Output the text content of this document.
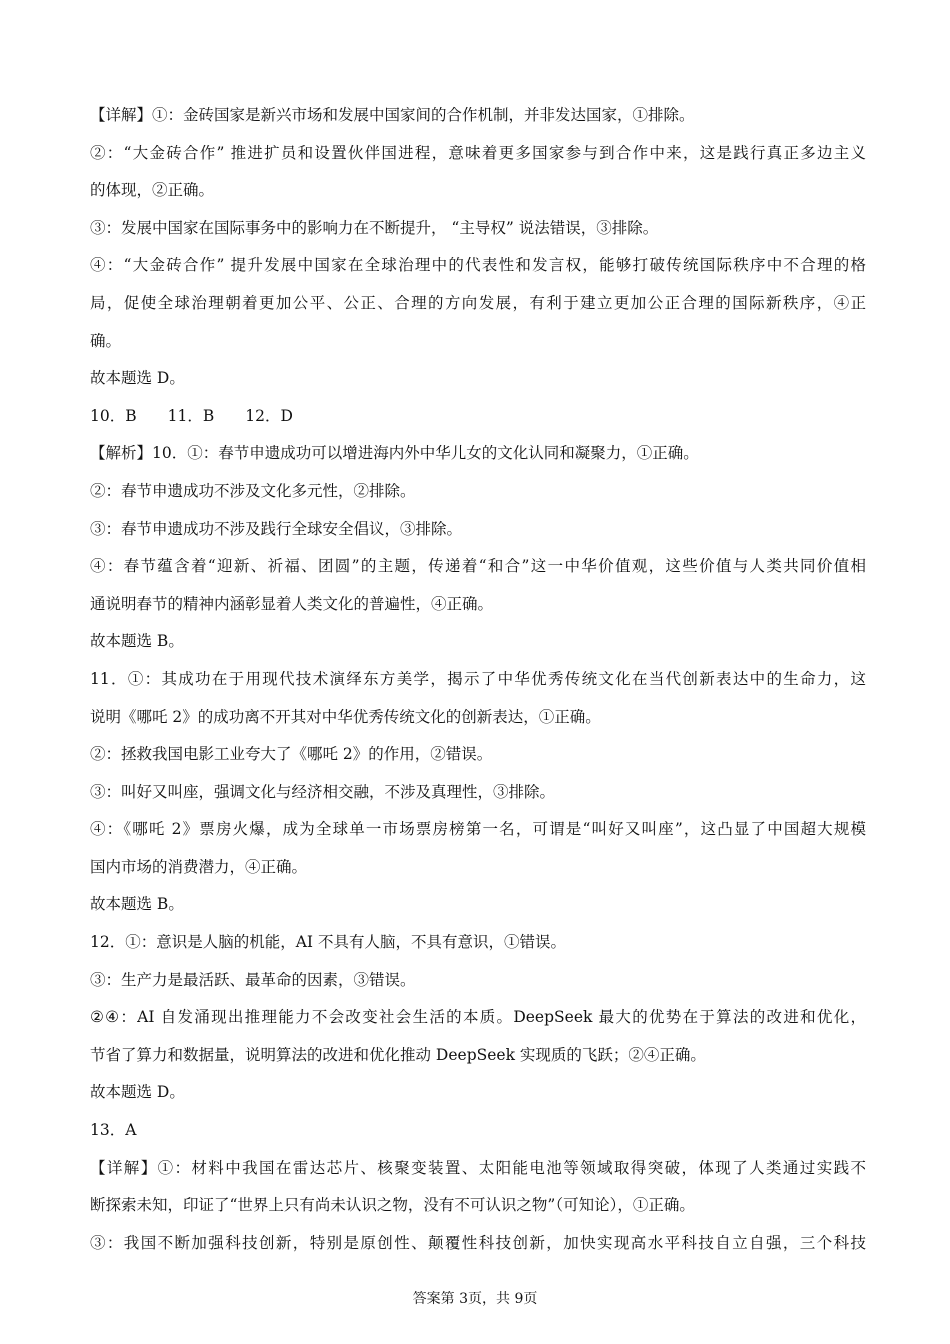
【详解】①：金砖国家是新兴市场和发展中国家间的合作机制，并非发达国家，①排除。
②：“大金砖合作” 推进扩员和设置伙伴国进程，意味着更多国家参与到合作中来，这是践行真正多边主义
的体现，②正确。
③：发展中国家在国际事务中的影响力在不断提升， “主导权” 说法错误，③排除。
④：“大金砖合作” 提升发展中国家在全球治理中的代表性和发言权，能够打破传统国际秩序中不合理的格
局，促使全球治理朝着更加公平、公正、合理的方向发展，有利于建立更加公正合理的国际新秩序，④正
确。
故本题选 D。
10．B　　11．B　　12．D
【解析】10．①：春节申遗成功可以增进海内外中华儿女的文化认同和凝聚力，①正确。
②：春节申遗成功不涉及文化多元性，②排除。
③：春节申遗成功不涉及践行全球安全倡议，③排除。
④：春节蕴含着“迎新、祈福、团圆”的主题，传递着“和合”这一中华价值观，这些价值与人类共同价值相
通说明春节的精神内涵彰显着人类文化的普遍性，④正确。
故本题选 B。
11．①：其成功在于用现代技术演绎东方美学，揭示了中华优秀传统文化在当代创新表达中的生命力，这
说明《哪吒 2》的成功离不开其对中华优秀传统文化的创新表达，①正确。
②：拯救我国电影工业夸大了《哪吒 2》的作用，②错误。
③：叫好又叫座，强调文化与经济相交融，不涉及真理性，③排除。
④：《哪吒 2》票房火爆，成为全球单一市场票房榜第一名，可谓是“叫好又叫座”，这凸显了中国超大规模
国内市场的消费潜力，④正确。
故本题选 B。
12．①：意识是人脑的机能，AI 不具有人脑，不具有意识，①错误。
③：生产力是最活跃、最革命的因素，③错误。
②④：AI 自发涌现出推理能力不会改变社会生活的本质。DeepSeek 最大的优势在于算法的改进和优化，
节省了算力和数据量，说明算法的改进和优化推动 DeepSeek 实现质的飞跃；②④正确。
故本题选 D。
13．A
【详解】①：材料中我国在雷达芯片、核聚变装置、太阳能电池等领域取得突破，体现了人类通过实践不
断探索未知，印证了“世界上只有尚未认识之物，没有不可认识之物”（可知论），①正确。
③：我国不断加强科技创新，特别是原创性、颠覆性科技创新，加快实现高水平科技自立自强，三个科技
答案第 3页，共 9页
